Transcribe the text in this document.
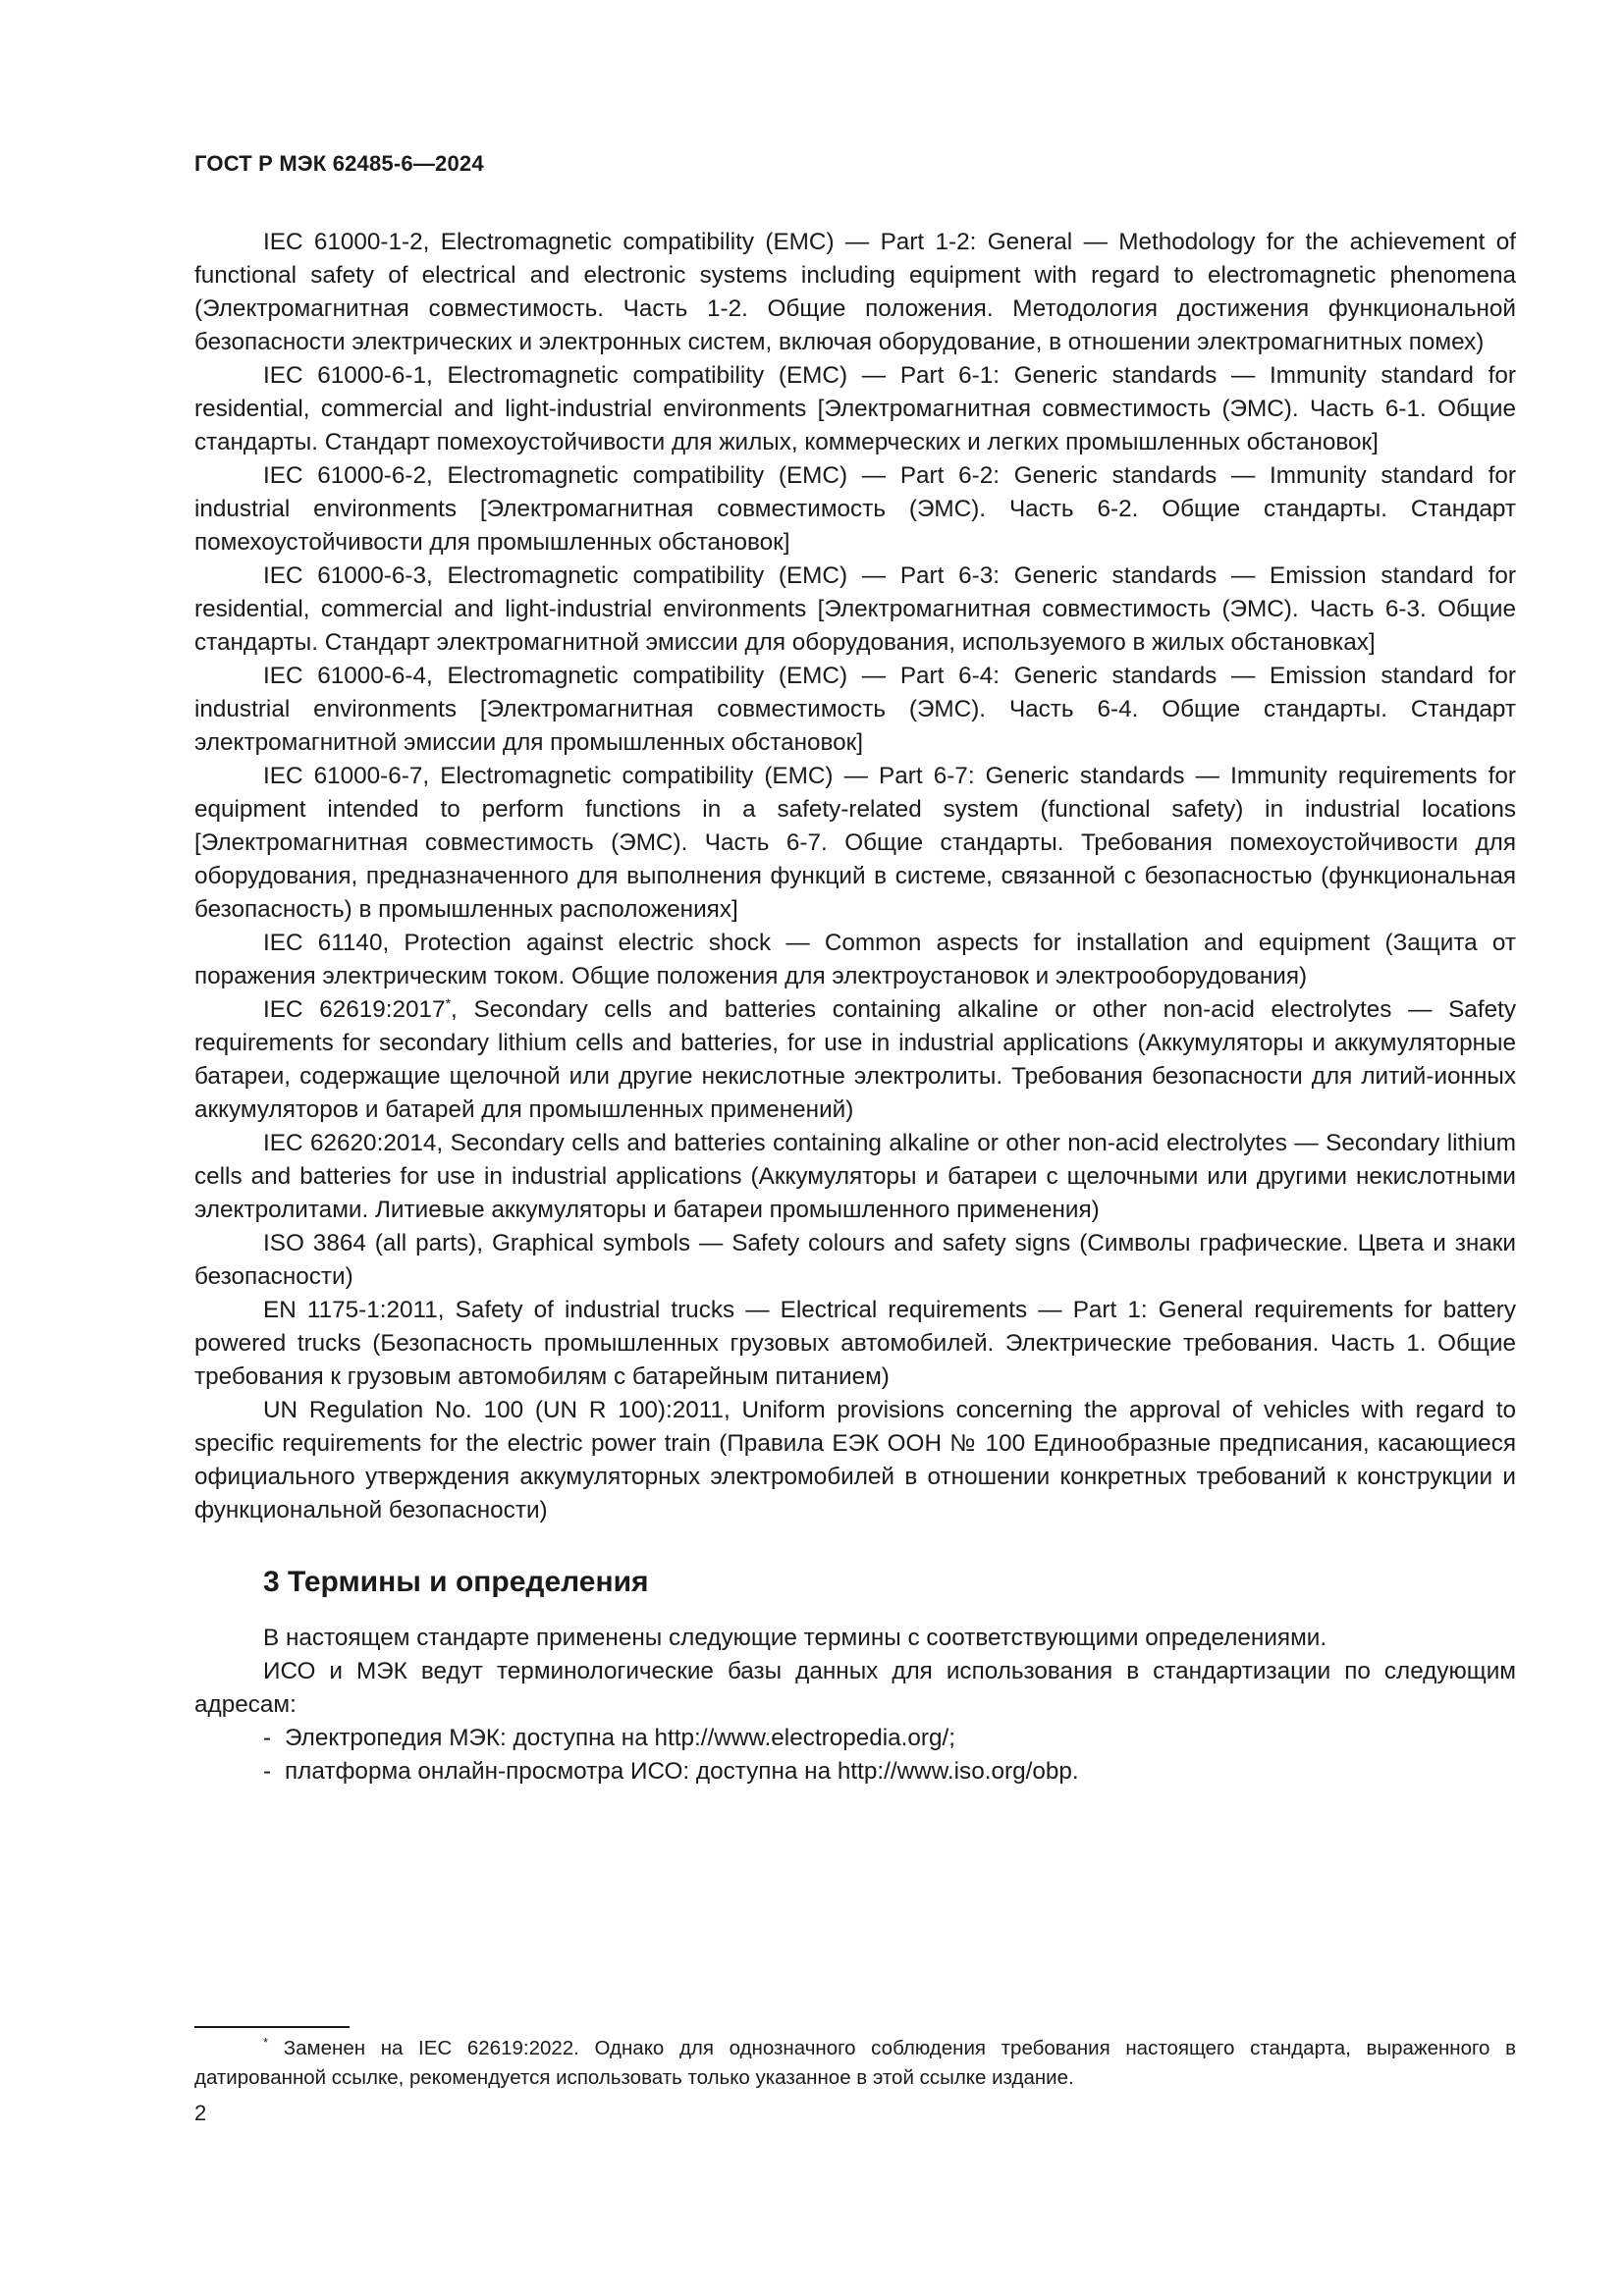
ГОСТ Р МЭК 62485-6—2024

IEC 61000-1-2, Electromagnetic compatibility (EMC) — Part 1-2: General — Methodology for the achievement of functional safety of electrical and electronic systems including equipment with regard to electromagnetic phenomena (Электромагнитная совместимость. Часть 1-2. Общие положения. Методология достижения функциональной безопасности электрических и электронных систем, включая оборудование, в отношении электромагнитных помех)

IEC 61000-6-1, Electromagnetic compatibility (EMC) — Part 6-1: Generic standards — Immunity standard for residential, commercial and light-industrial environments [Электромагнитная совместимость (ЭМС). Часть 6-1. Общие стандарты. Стандарт помехоустойчивости для жилых, коммерческих и легких промышленных обстановок]

IEC 61000-6-2, Electromagnetic compatibility (EMC) — Part 6-2: Generic standards — Immunity standard for industrial environments [Электромагнитная совместимость (ЭМС). Часть 6-2. Общие стандарты. Стандарт помехоустойчивости для промышленных обстановок]

IEC 61000-6-3, Electromagnetic compatibility (EMC) — Part 6-3: Generic standards — Emission standard for residential, commercial and light-industrial environments [Электромагнитная совместимость (ЭМС). Часть 6-3. Общие стандарты. Стандарт электромагнитной эмиссии для оборудования, используемого в жилых обстановках]

IEC 61000-6-4, Electromagnetic compatibility (EMC) — Part 6-4: Generic standards — Emission standard for industrial environments [Электромагнитная совместимость (ЭМС). Часть 6-4. Общие стандарты. Стандарт электромагнитной эмиссии для промышленных обстановок]

IEC 61000-6-7, Electromagnetic compatibility (EMC) — Part 6-7: Generic standards — Immunity requirements for equipment intended to perform functions in a safety-related system (functional safety) in industrial locations [Электромагнитная совместимость (ЭМС). Часть 6-7. Общие стандарты. Требования помехоустойчивости для оборудования, предназначенного для выполнения функций в системе, связанной с безопасностью (функциональная безопасность) в промышленных расположениях]

IEC 61140, Protection against electric shock — Common aspects for installation and equipment (Защита от поражения электрическим током. Общие положения для электроустановок и электрооборудования)

IEC 62619:2017*, Secondary cells and batteries containing alkaline or other non-acid electrolytes — Safety requirements for secondary lithium cells and batteries, for use in industrial applications (Аккумуляторы и аккумуляторные батареи, содержащие щелочной или другие некислотные электролиты. Требования безопасности для литий-ионных аккумуляторов и батарей для промышленных применений)

IEC 62620:2014, Secondary cells and batteries containing alkaline or other non-acid electrolytes — Secondary lithium cells and batteries for use in industrial applications (Аккумуляторы и батареи с щелочными или другими некислотными электролитами. Литиевые аккумуляторы и батареи промышленного применения)

ISO 3864 (all parts), Graphical symbols — Safety colours and safety signs (Символы графические. Цвета и знаки безопасности)

EN 1175-1:2011, Safety of industrial trucks — Electrical requirements — Part 1: General requirements for battery powered trucks (Безопасность промышленных грузовых автомобилей. Электрические требования. Часть 1. Общие требования к грузовым автомобилям с батарейным питанием)

UN Regulation No. 100 (UN R 100):2011, Uniform provisions concerning the approval of vehicles with regard to specific requirements for the electric power train (Правила ЕЭК ООН № 100 Единообразные предписания, касающиеся официального утверждения аккумуляторных электромобилей в отношении конкретных требований к конструкции и функциональной безопасности)

3 Термины и определения

В настоящем стандарте применены следующие термины с соответствующими определениями.

ИСО и МЭК ведут терминологические базы данных для использования в стандартизации по следующим адресам:

- Электропедия МЭК: доступна на http://www.electropedia.org/;
- платформа онлайн-просмотра ИСО: доступна на http://www.iso.org/obp.
* Заменен на IEC 62619:2022. Однако для однозначного соблюдения требования настоящего стандарта, выраженного в датированной ссылке, рекомендуется использовать только указанное в этой ссылке издание.
2
